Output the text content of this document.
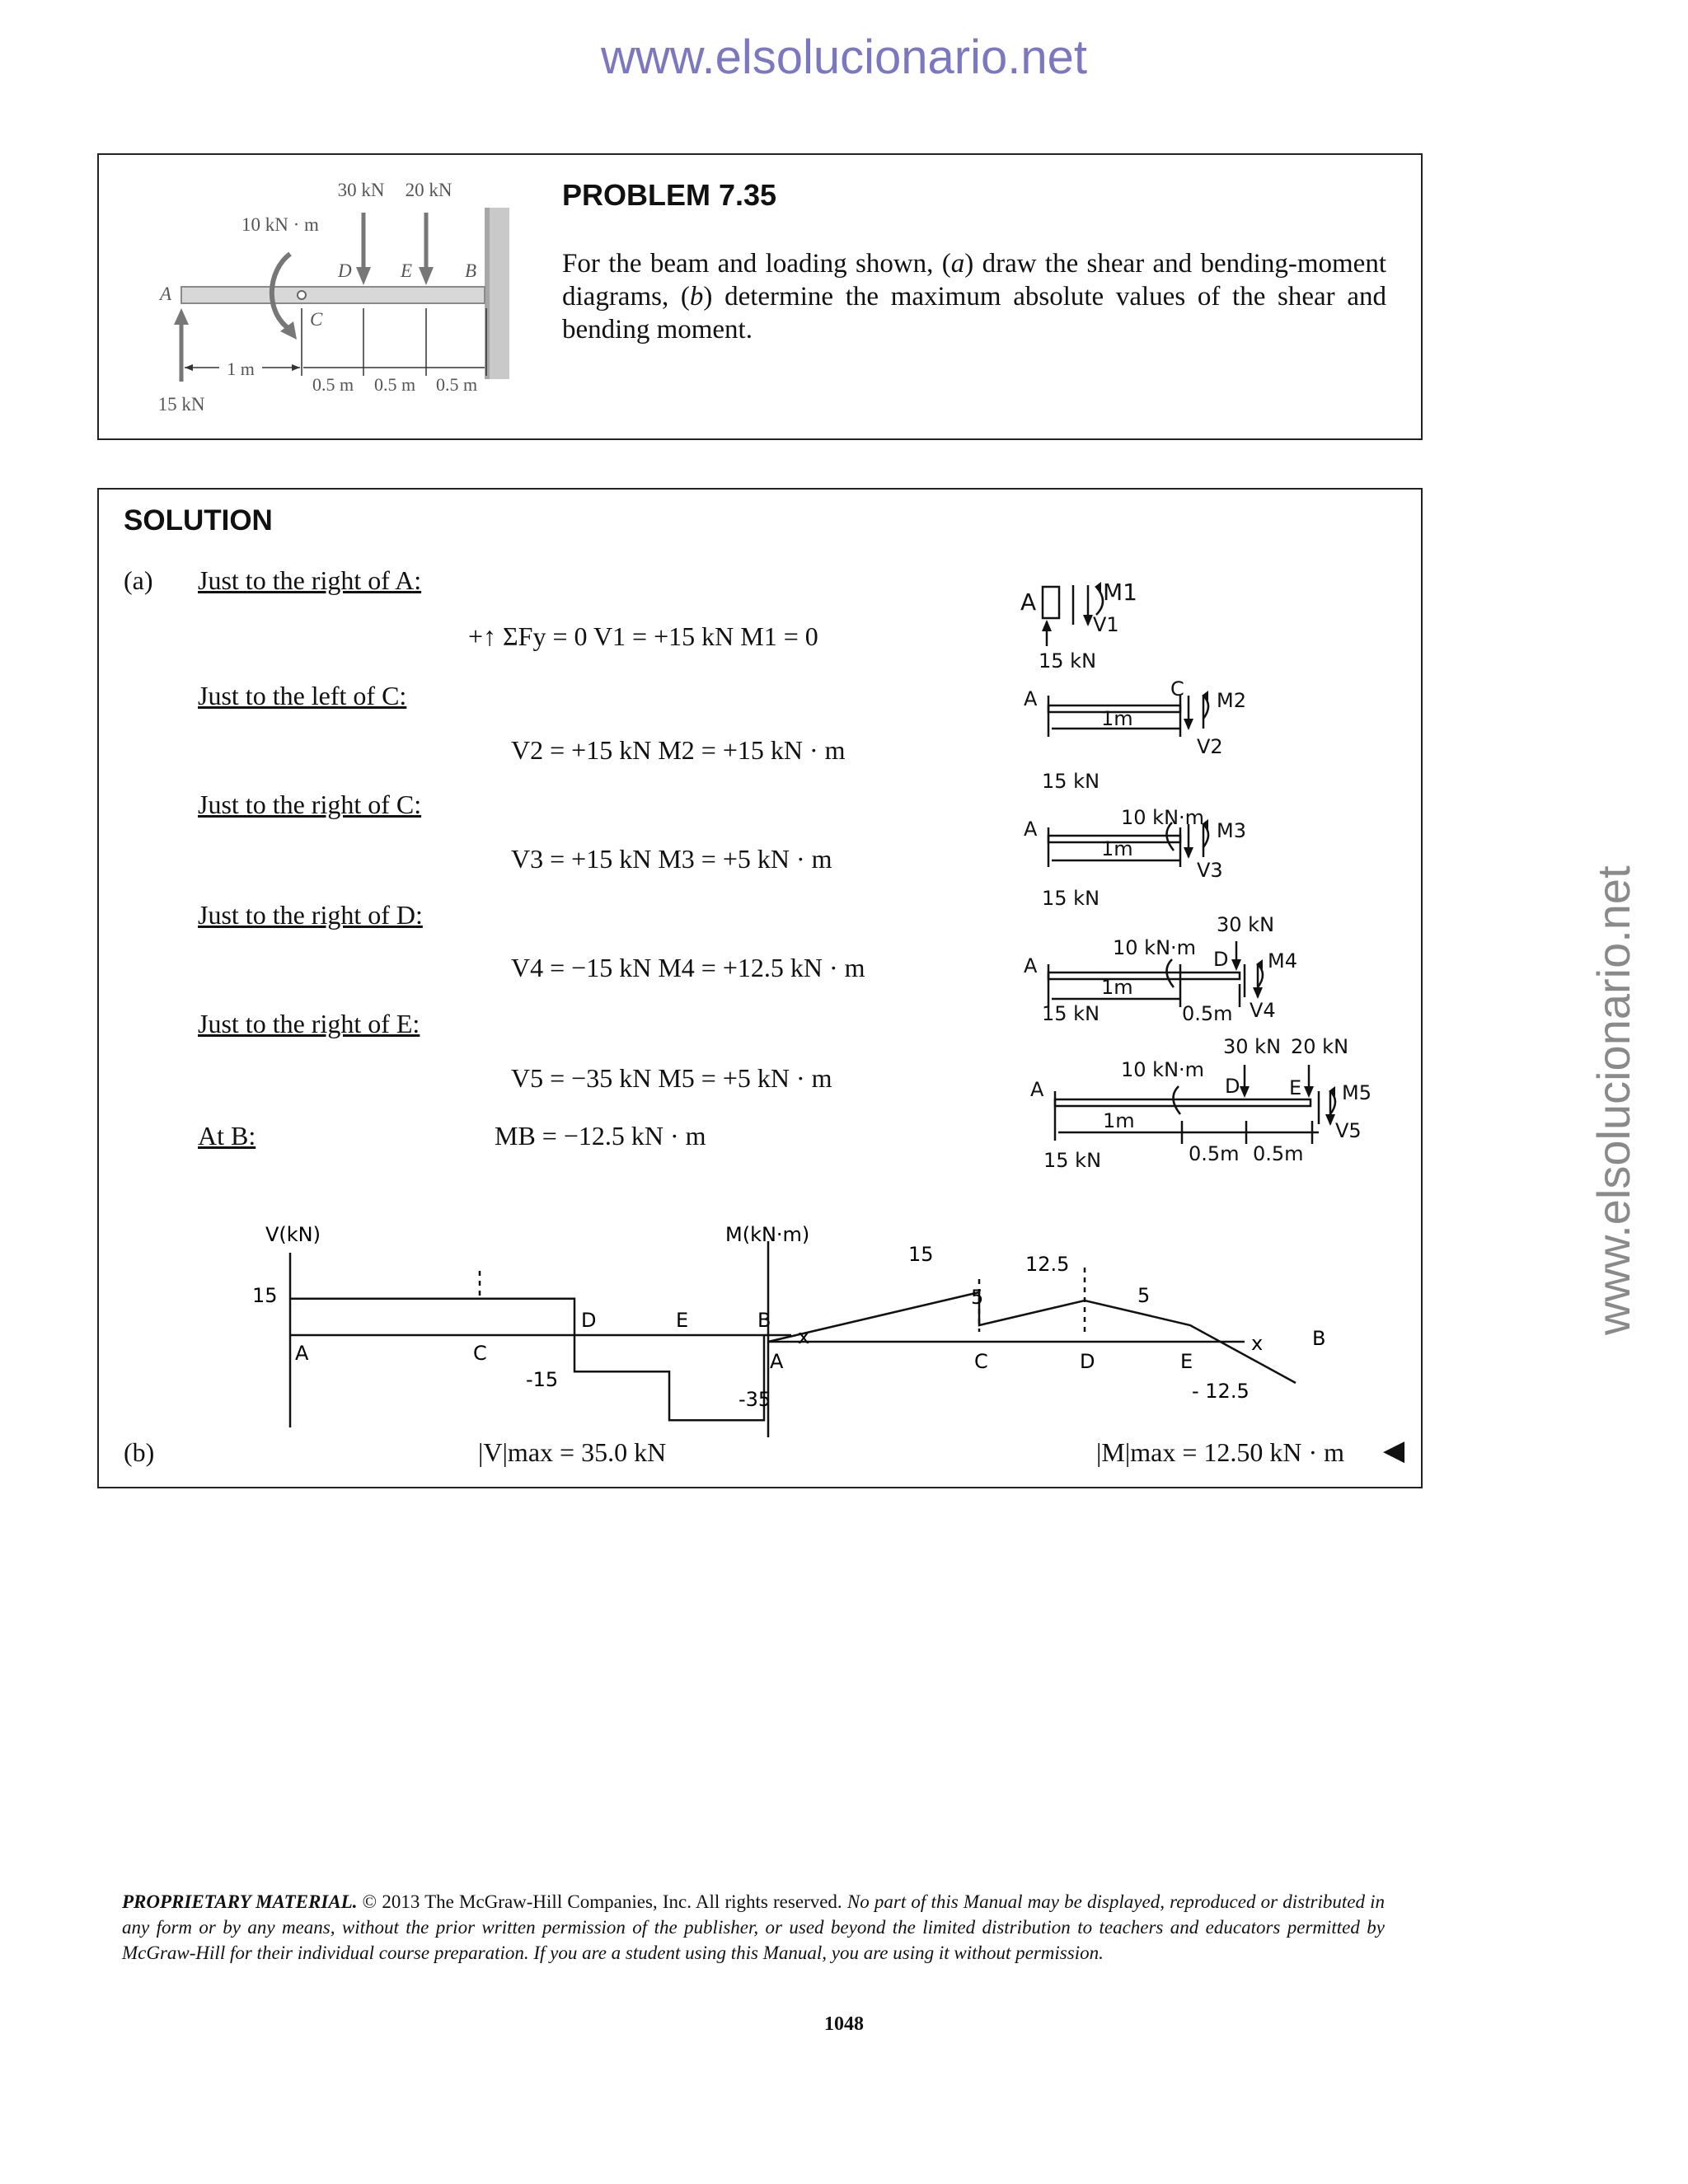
www.elsolucionario.net
www.elsolucionario.net
1 m
0.5 m 0.5 m 0.5 m
15 kN
30 kN 20 kN
10 kN · m
A
C
D	E	B
PROBLEM 7.35
For the beam and loading shown, (a) draw the shear and bending-moment diagrams, (b) determine the maximum absolute values of the shear and bending moment.
SOLUTION
(a) Just to the right of A:
+↑ ΣFy = 0 V1 = +15 kN M1 = 0
Just to the left of C:
V2 = +15 kN M2 = +15 kN · m
Just to the right of C:
V3 = +15 kN M3 = +5 kN · m
Just to the right of D:
V4 = −15 kN M4 = +12.5 kN · m
Just to the right of E:
V5 = −35 kN M5 = +5 kN · m
At B:	MB = −12.5 kN · m
A	M1
V1
15 kN
A	C M2
1m
V2
15 kN
A	10 kN·m
M3
1m
V3
15 kN
30 kN
10 kN·m
A	D M4
1m
V4
0.5m
15 kN
30 kN 20 kN
10 kN·m
A	D E M5
1m	V5
0.5m 0.5m
15 kN
V(kN)
x
A	C
D	E	B
15
-15
-35
M(kN·m)
x
A	C	D	E
B
15
5
12.5
5
- 12.5
(b)	|V|max = 35.0 kN	|M|max = 12.50 kN · m ◀
PROPRIETARY MATERIAL. © 2013 The McGraw-Hill Companies, Inc. All rights reserved. No part of this Manual may be displayed, reproduced or distributed in any form or by any means, without the prior written permission of the publisher, or used beyond the limited distribution to teachers and educators permitted by McGraw-Hill for their individual course preparation. If you are a student using this Manual, you are using it without permission.
1048
